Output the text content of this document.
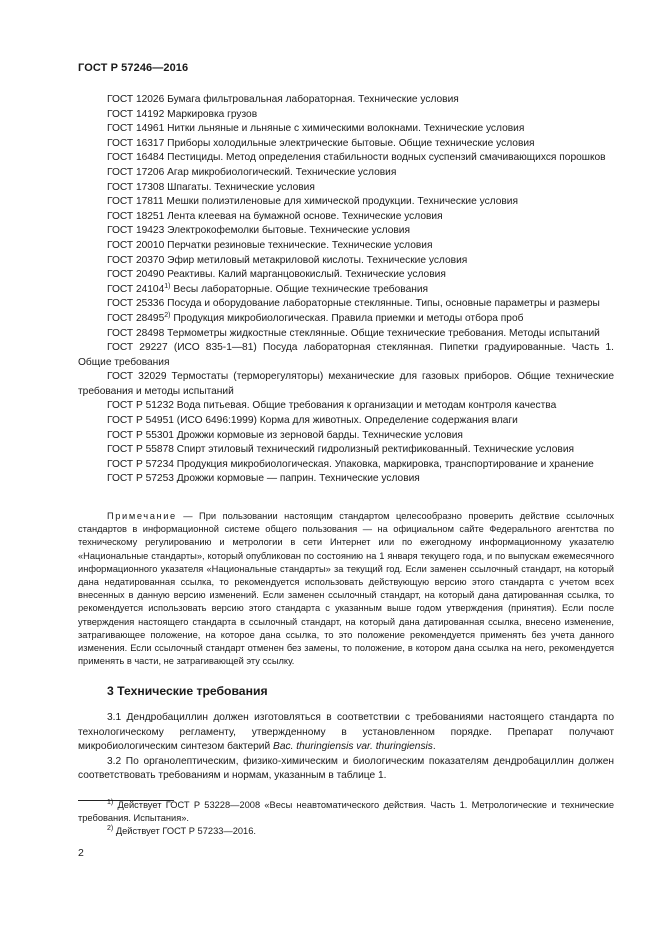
ГОСТ Р 57246—2016

ГОСТ 12026 Бумага фильтровальная лабораторная. Технические условия

ГОСТ 14192 Маркировка грузов

ГОСТ 14961 Нитки льняные и льняные с химическими волокнами. Технические условия

ГОСТ 16317 Приборы холодильные электрические бытовые. Общие технические условия

ГОСТ 16484 Пестициды. Метод определения стабильности водных суспензий смачивающихся порошков

ГОСТ 17206 Агар микробиологический. Технические условия

ГОСТ 17308 Шпагаты. Технические условия

ГОСТ 17811 Мешки полиэтиленовые для химической продукции. Технические условия

ГОСТ 18251 Лента клеевая на бумажной основе. Технические условия

ГОСТ 19423 Электрокофемолки бытовые. Технические условия

ГОСТ 20010 Перчатки резиновые технические. Технические условия

ГОСТ 20370 Эфир метиловый метакриловой кислоты. Технические условия

ГОСТ 20490 Реактивы. Калий марганцовокислый. Технические условия

ГОСТ 24104$^{1)}$ Весы лабораторные. Общие технические требования

ГОСТ 25336 Посуда и оборудование лабораторные стеклянные. Типы, основные параметры и размеры

ГОСТ 28495$^{2)}$ Продукция микробиологическая. Правила приемки и методы отбора проб

ГОСТ 28498 Термометры жидкостные стеклянные. Общие технические требования. Методы испытаний

ГОСТ 29227 (ИСО 835-1—81) Посуда лабораторная стеклянная. Пипетки градуированные. Часть 1. Общие требования

ГОСТ 32029 Термостаты (терморегуляторы) механические для газовых приборов. Общие технические требования и методы испытаний

ГОСТ Р 51232 Вода питьевая. Общие требования к организации и методам контроля качества

ГОСТ Р 54951 (ИСО 6496:1999) Корма для животных. Определение содержания влаги

ГОСТ Р 55301 Дрожжи кормовые из зерновой барды. Технические условия

ГОСТ Р 55878 Спирт этиловый технический гидролизный ректификованный. Технические условия

ГОСТ Р 57234 Продукция микробиологическая. Упаковка, маркировка, транспортирование и хранение

ГОСТ Р 57253 Дрожжи кормовые — паприн. Технические условия

Примечание — При пользовании настоящим стандартом целесообразно проверить действие ссылочных стандартов в информационной системе общего пользования — на официальном сайте Федерального агентства по техническому регулированию и метрологии в сети Интернет или по ежегодному информационному указателю «Национальные стандарты», который опубликован по состоянию на 1 января текущего года, и по выпускам ежемесячного информационного указателя «Национальные стандарты» за текущий год. Если заменен ссылочный стандарт, на который дана недатированная ссылка, то рекомендуется использовать действующую версию этого стандарта с учетом всех внесенных в данную версию изменений. Если заменен ссылочный стандарт, на который дана датированная ссылка, то рекомендуется использовать версию этого стандарта с указанным выше годом утверждения (принятия). Если после утверждения настоящего стандарта в ссылочный стандарт, на который дана датированная ссылка, внесено изменение, затрагивающее положение, на которое дана ссылка, то это положение рекомендуется применять без учета данного изменения. Если ссылочный стандарт отменен без замены, то положение, в котором дана ссылка на него, рекомендуется применять в части, не затрагивающей эту ссылку.

3 Технические требования

3.1 Дендробациллин должен изготовляться в соответствии с требованиями настоящего стандарта по технологическому регламенту, утвержденному в установленном порядке. Препарат получают микробиологическим синтезом бактерий Bac. thuringiensis var. thuringiensis.

3.2 По органолептическим, физико-химическим и биологическим показателям дендробациллин должен соответствовать требованиям и нормам, указанным в таблице 1.

$^{1)}$ Действует ГОСТ Р 53228—2008 «Весы неавтоматического действия. Часть 1. Метрологические и технические требования. Испытания».

$^{2)}$ Действует ГОСТ Р 57233—2016.

2
